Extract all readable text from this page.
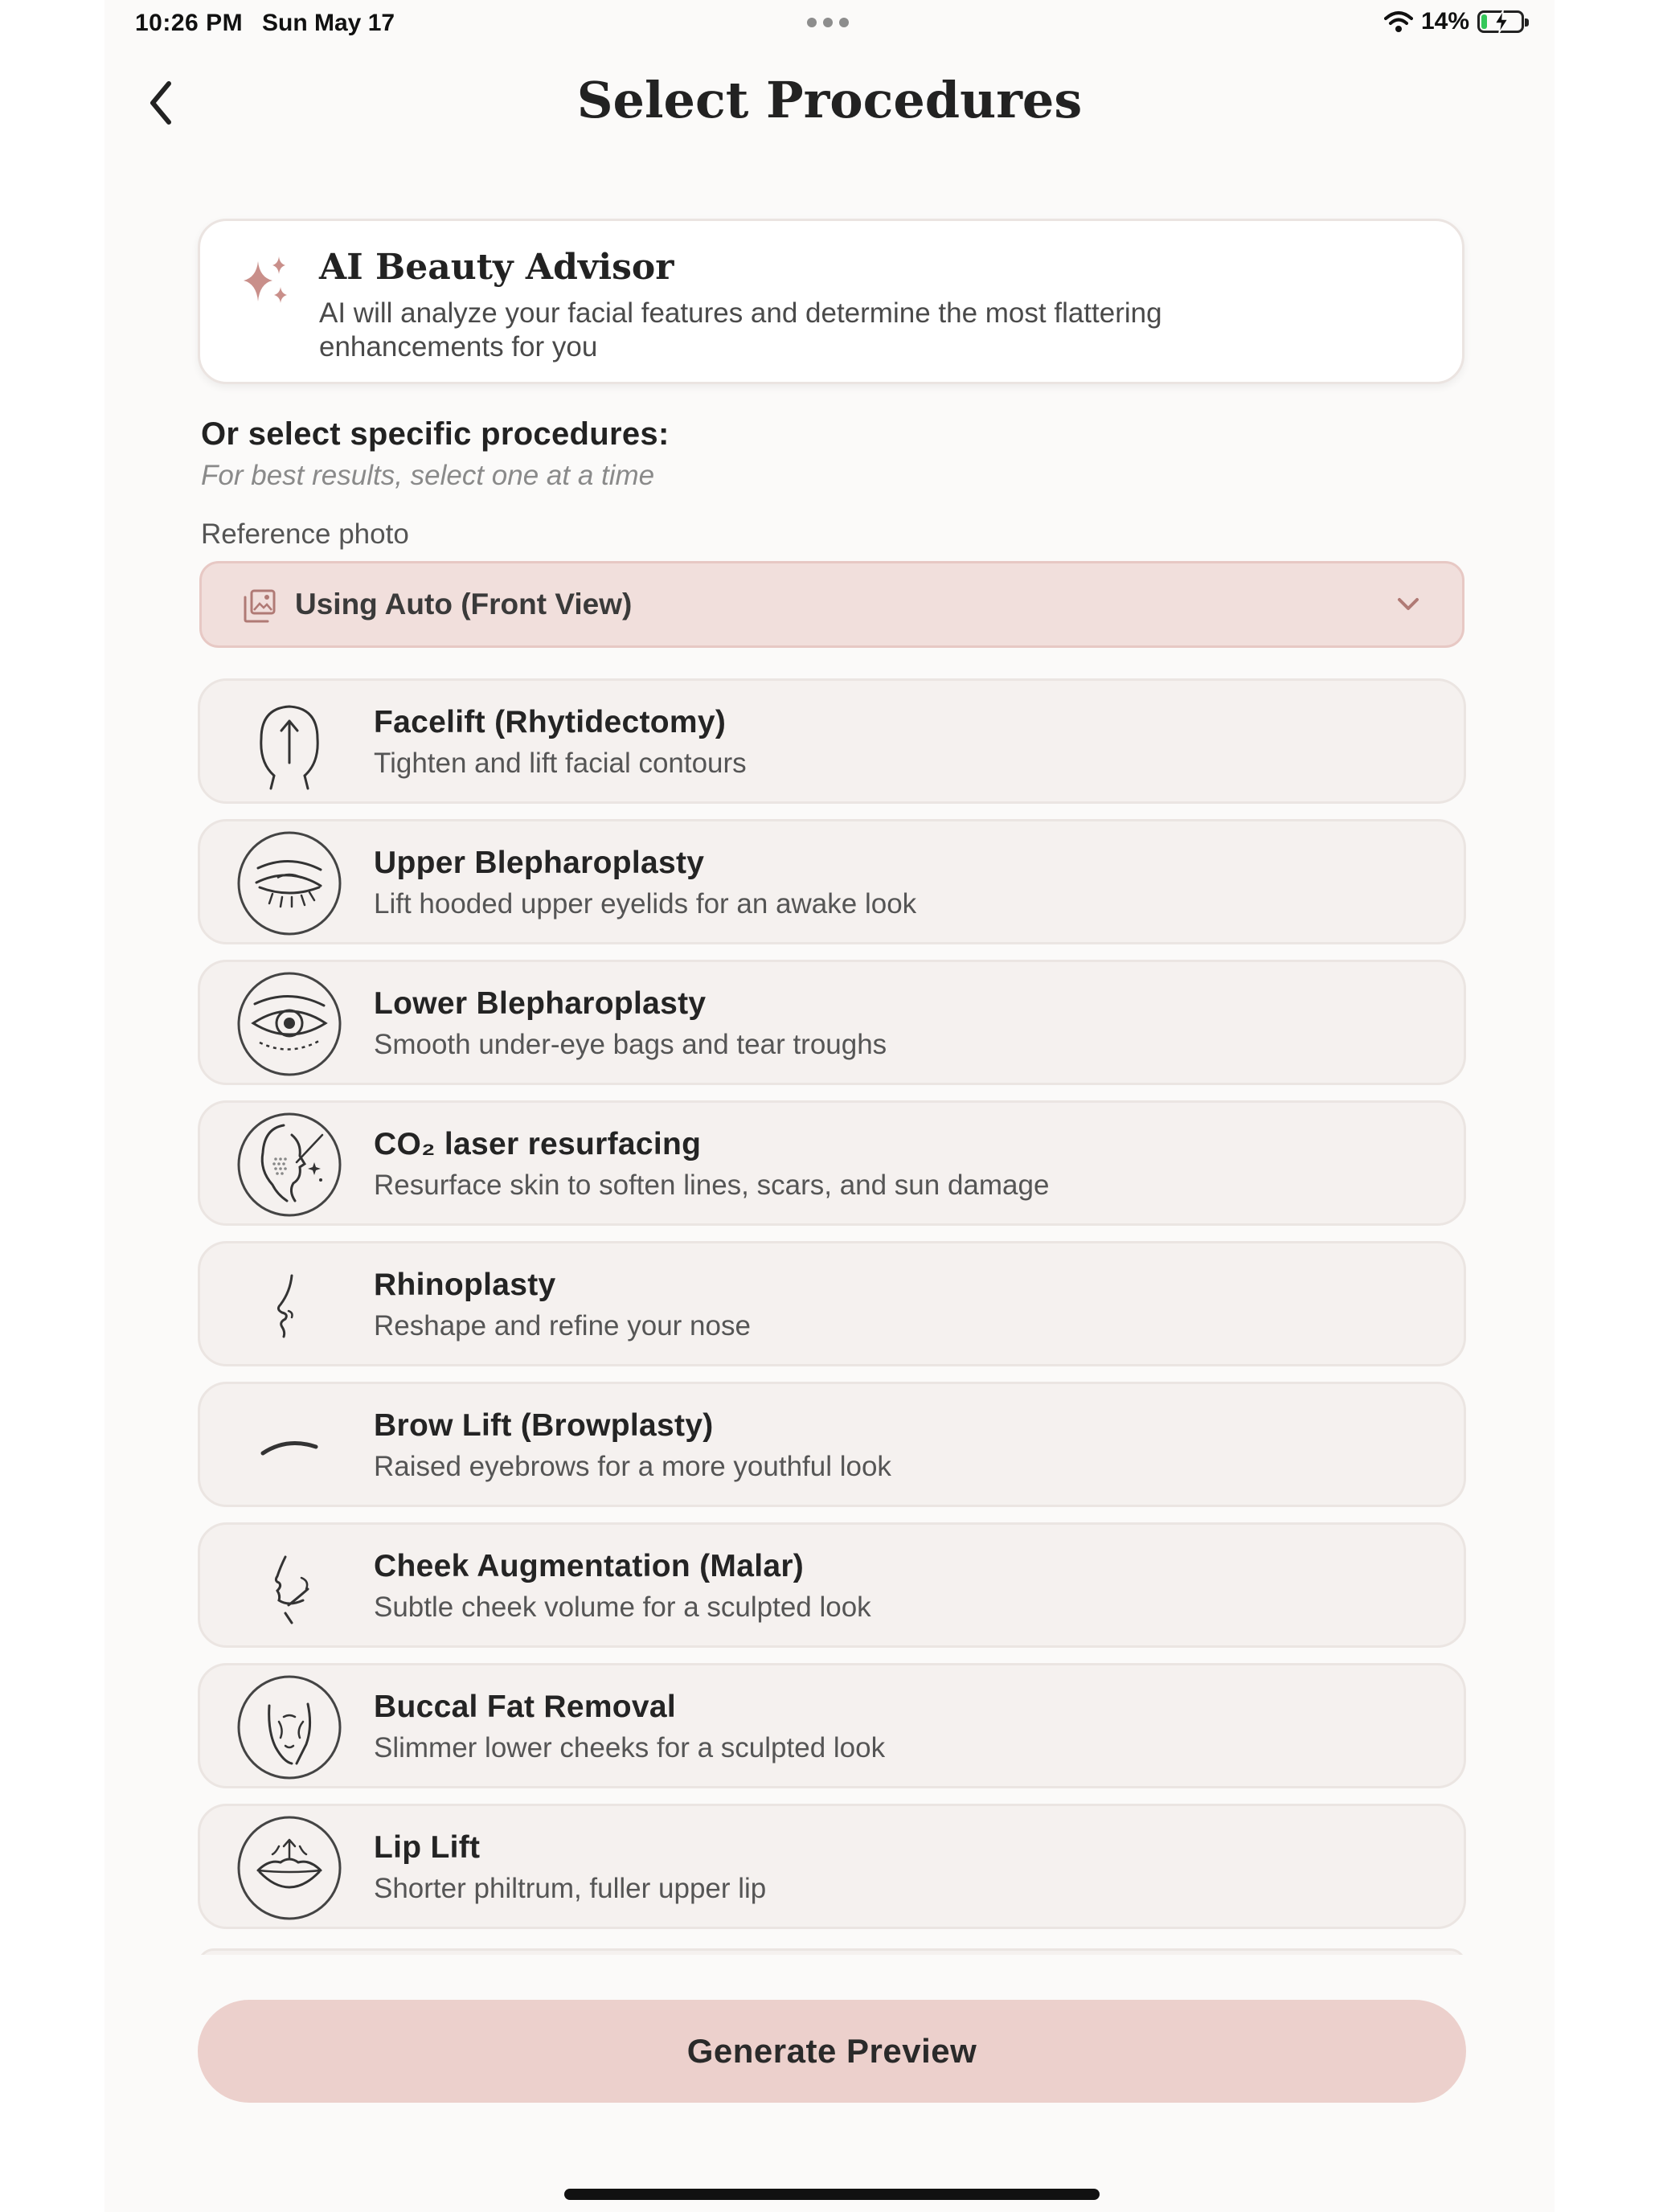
10:26 PM Sun May 17	14%
Select Procedures
AI Beauty Advisor
AI will analyze your facial features and determine the most flattering enhancements for you
Or select specific procedures:
For best results, select one at a time
Reference photo
Using Auto (Front View)
Facelift (Rhytidectomy)
Tighten and lift facial contours
Upper Blepharoplasty
Lift hooded upper eyelids for an awake look
Lower Blepharoplasty
Smooth under-eye bags and tear troughs
CO₂ laser resurfacing
Resurface skin to soften lines, scars, and sun damage
Rhinoplasty
Reshape and refine your nose
Brow Lift (Browplasty)
Raised eyebrows for a more youthful look
Cheek Augmentation (Malar)
Subtle cheek volume for a sculpted look
Buccal Fat Removal
Slimmer lower cheeks for a sculpted look
Lip Lift
Shorter philtrum, fuller upper lip
Generate Preview
